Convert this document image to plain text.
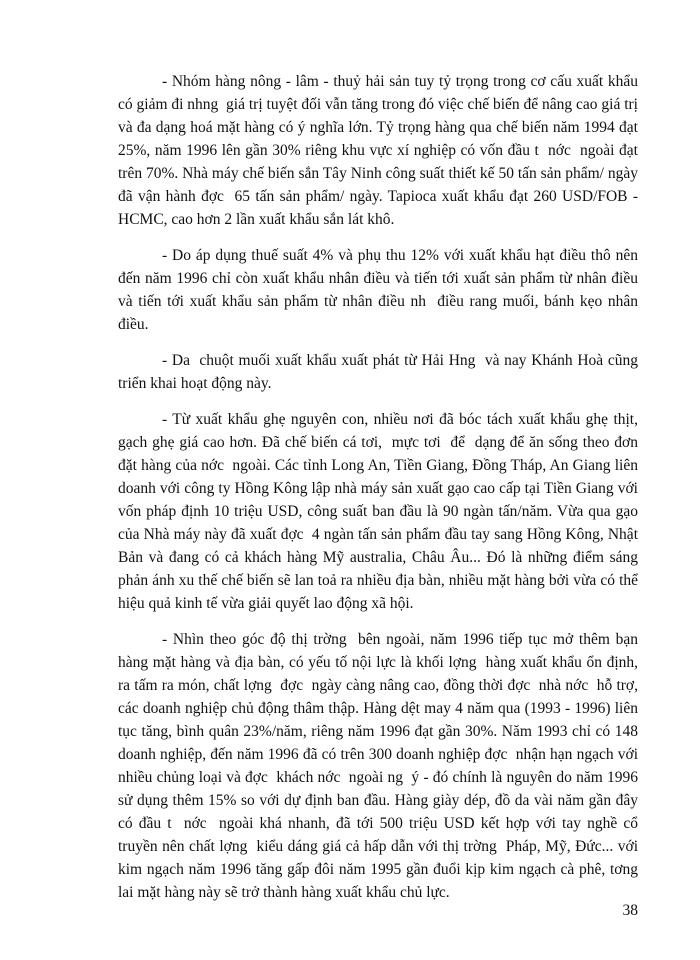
- Nhóm hàng nông - lâm - thuỷ hải sản tuy tỷ trọng trong cơ cấu xuất khẩu có giảm đi nhng  giá trị tuyệt đối vẫn tăng trong đó việc chế biến để nâng cao giá trị và đa dạng hoá mặt hàng có ý nghĩa lớn. Tỷ trọng hàng qua chế biến năm 1994 đạt 25%, năm 1996 lên gần 30% riêng khu vực xí nghiệp có vốn đầu t  nớc  ngoài đạt trên 70%. Nhà máy chế biến sắn Tây Ninh công suất thiết kế 50 tấn sản phẩm/ ngày đã vận hành đợc  65 tấn sản phẩm/ ngày. Tapioca xuất khẩu đạt 260 USD/FOB - HCMC, cao hơn 2 lần xuất khẩu sắn lát khô.

- Do áp dụng thuế suất 4% và phụ thu 12% với xuất khẩu hạt điều thô nên đến năm 1996 chỉ còn xuất khẩu nhân điều và tiến tới xuất sản phẩm từ nhân điều và tiến tới xuất khẩu sản phẩm từ nhân điều nh  điều rang muối, bánh kẹo nhân điều.

- Da  chuột muối xuất khẩu xuất phát từ Hải Hng  và nay Khánh Hoà cũng triển khai hoạt động này.

- Từ xuất khẩu ghẹ nguyên con, nhiều nơi đã bóc tách xuất khẩu ghẹ thịt, gạch ghẹ giá cao hơn. Đã chế biến cá tơi,  mực tơi  để  dạng để ăn sống theo đơn đặt hàng của nớc  ngoài. Các tỉnh Long An, Tiền Giang, Đồng Tháp, An Giang liên doanh với công ty Hồng Kông lập nhà máy sản xuất gạo cao cấp tại Tiền Giang với vốn pháp định 10 triệu USD, công suất ban đầu là 90 ngàn tấn/năm. Vừa qua gạo của Nhà máy này đã xuất đợc  4 ngàn tấn sản phẩm đầu tay sang Hồng Kông, Nhật Bản và đang có cả khách hàng Mỹ australia, Châu Âu... Đó là những điểm sáng phản ánh xu thế chế biến sẽ lan toả ra nhiều địa bàn, nhiều mặt hàng bởi vừa có thể hiệu quả kinh tế vừa giải quyết lao động xã hội.

- Nhìn theo góc độ thị trờng  bên ngoài, năm 1996 tiếp tục mở thêm bạn hàng mặt hàng và địa bàn, có yếu tố nội lực là khối lợng  hàng xuất khẩu ổn định, ra tấm ra món, chất lợng  đợc  ngày càng nâng cao, đồng thời đợc  nhà nớc  hỗ trợ, các doanh nghiệp chủ động thâm thập. Hàng dệt may 4 năm qua (1993 - 1996) liên tục tăng, bình quân 23%/năm, riêng năm 1996 đạt gần 30%. Năm 1993 chỉ có 148 doanh nghiệp, đến năm 1996 đã có trên 300 doanh nghiệp đợc  nhận hạn ngạch với nhiều chủng loại và đợc  khách nớc  ngoài ng  ý - đó chính là nguyên do năm 1996 sử dụng thêm 15% so với dự định ban đầu. Hàng giày dép, đồ da vài năm gần đây có đầu t  nớc  ngoài khá nhanh, đã tới 500 triệu USD kết hợp với tay nghề cổ truyền nên chất lợng  kiểu dáng giá cả hấp dẫn với thị trờng  Pháp, Mỹ, Đức... với kim ngạch năm 1996 tăng gấp đôi năm 1995 gần đuổi kịp kim ngạch cà phê, tơng  lai mặt hàng này sẽ trở thành hàng xuất khẩu chủ lực.

38
